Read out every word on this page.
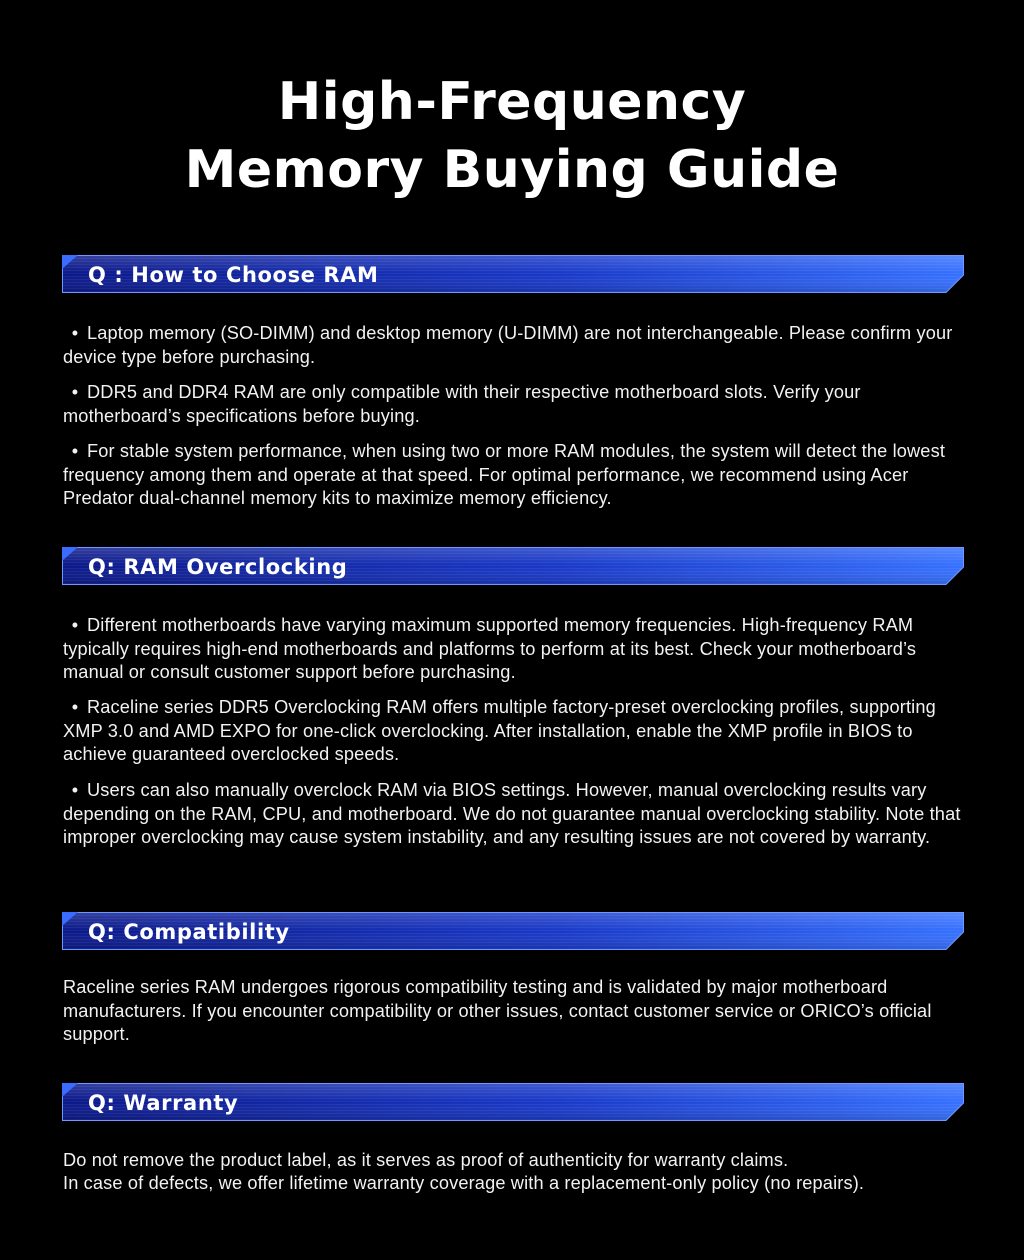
High-Frequency
Memory Buying Guide
Q : How to Choose RAM

• Laptop memory (SO-DIMM) and desktop memory (U-DIMM) are not interchangeable. Please confirm your device type before purchasing.

• DDR5 and DDR4 RAM are only compatible with their respective motherboard slots. Verify your motherboard’s specifications before buying.

• For stable system performance, when using two or more RAM modules, the system will detect the lowest frequency among them and operate at that speed. For optimal performance, we recommend using Acer Predator dual-channel memory kits to maximize memory efficiency.

Q: RAM Overclocking

• Different motherboards have varying maximum supported memory frequencies. High-frequency RAM typically requires high-end motherboards and platforms to perform at its best. Check your motherboard’s manual or consult customer support before purchasing.

• Raceline series DDR5 Overclocking RAM offers multiple factory-preset overclocking profiles, supporting XMP 3.0 and AMD EXPO for one-click overclocking. After installation, enable the XMP profile in BIOS to achieve guaranteed overclocked speeds.

• Users can also manually overclock RAM via BIOS settings. However, manual overclocking results vary depending on the RAM, CPU, and motherboard. We do not guarantee manual overclocking stability. Note that improper overclocking may cause system instability, and any resulting issues are not covered by warranty.

Q: Compatibility

Raceline series RAM undergoes rigorous compatibility testing and is validated by major motherboard manufacturers. If you encounter compatibility or other issues, contact customer service or ORICO’s official support.

Q: Warranty

Do not remove the product label, as it serves as proof of authenticity for warranty claims.

In case of defects, we offer lifetime warranty coverage with a replacement-only policy (no repairs).
